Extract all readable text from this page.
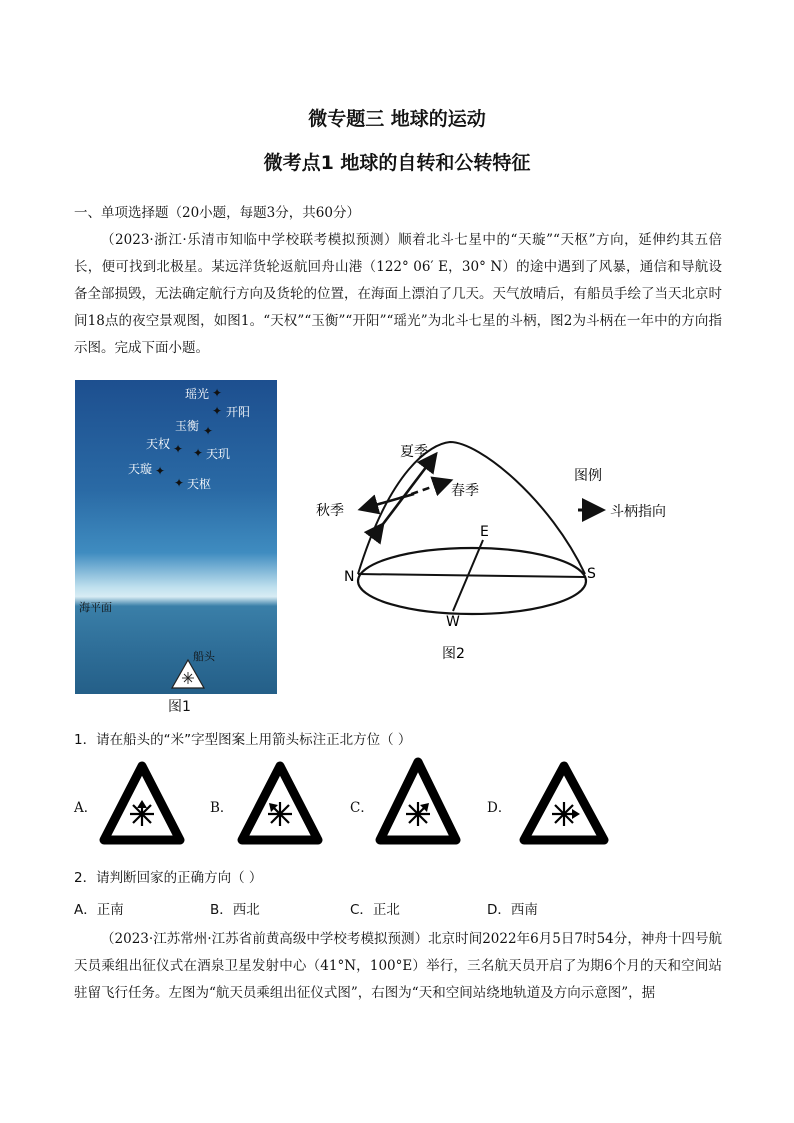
微专题三 地球的运动
微考点1 地球的自转和公转特征
一、单项选择题（20小题，每题3分，共60分）
（2023·浙江·乐清市知临中学校联考模拟预测）顺着北斗七星中的“天璇”“天枢”方向，延伸约其五倍长，便可找到北极星。某远洋货轮返航回舟山港（122° 06′ E，30° N）的途中遇到了风暴，通信和导航设备全部损毁，无法确定航行方向及货轮的位置，在海面上漂泊了几天。天气放晴后，有船员手绘了当天北京时间18点的夜空景观图，如图1。“天权”“玉衡”“开阳”“瑶光”为北斗七星的斗柄，图2为斗柄在一年中的方向指示图。完成下面小题。
✦
瑶光
✦ 开阳
✦
玉衡
✦
天权
✦ 天玑
✦
天璇
✦ 天枢
海平面
船头
图1
夏季
春季
秋季
图例
斗柄指向
N	S
E
W
图2
1．请在船头的“米”字型图案上用箭头标注正北方位（ ）
A．	B．	C．	D．
2．请判断回家的正确方向（ ）
A．正南	B．西北	C．正北	D．西南
（2023·江苏常州·江苏省前黄高级中学校考模拟预测）北京时间2022年6月5日7时54分，神舟十四号航天员乘组出征仪式在酒泉卫星发射中心（41°N，100°E）举行，三名航天员开启了为期6个月的天和空间站驻留飞行任务。左图为“航天员乘组出征仪式图”，右图为“天和空间站绕地轨道及方向示意图”，据
